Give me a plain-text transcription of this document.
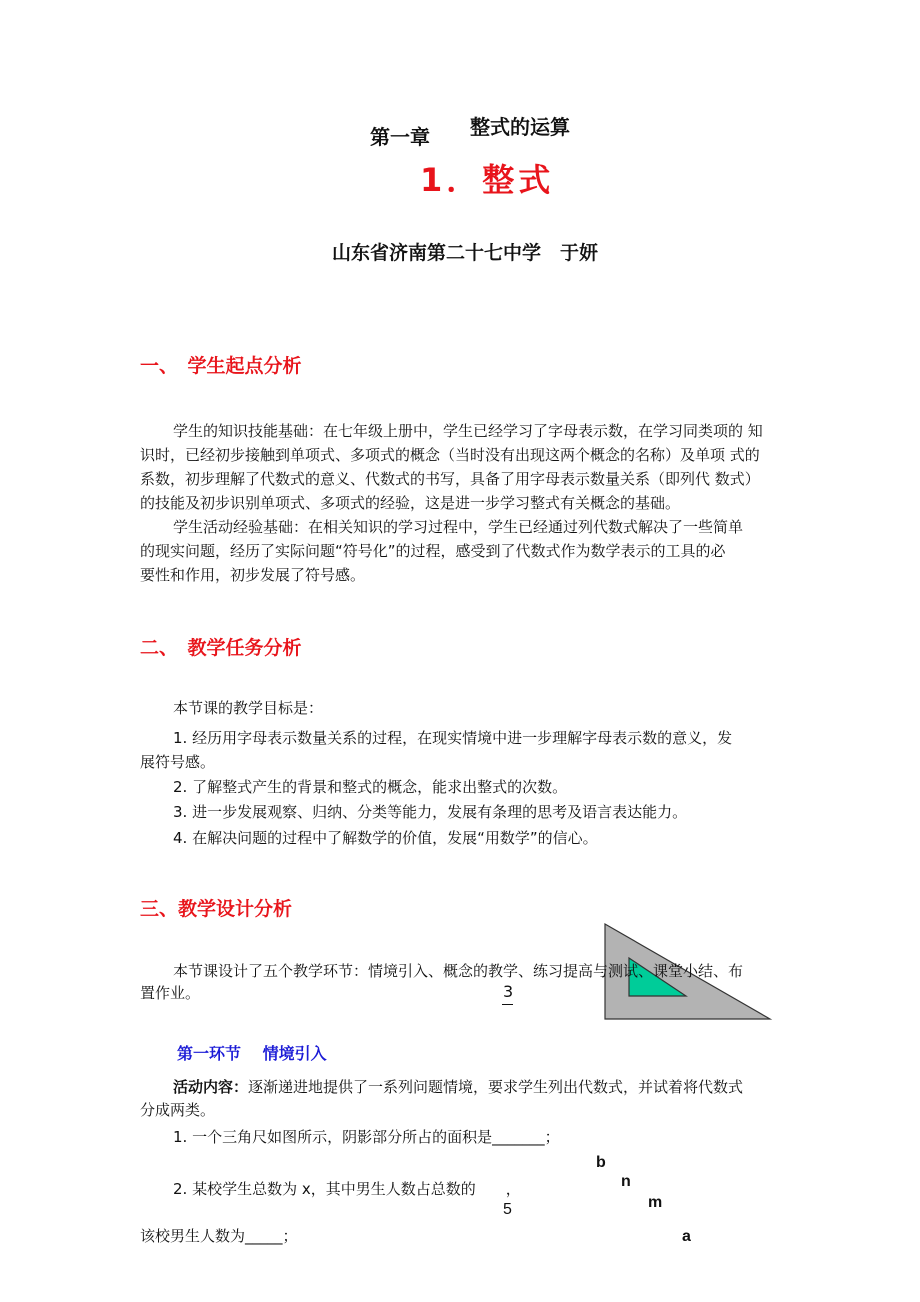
第一章 整式的运算
1．整式
山东省济南第二十七中学　于妍
一、　学生起点分析
学生的知识技能基础：在七年级上册中，学生已经学习了字母表示数，在学习同类项的 知
识时，已经初步接触到单项式、多项式的概念（当时没有出现这两个概念的名称）及单项 式的
系数，初步理解了代数式的意义、代数式的书写，具备了用字母表示数量关系（即列代 数式）
的技能及初步识别单项式、多项式的经验，这是进一步学习整式有关概念的基础。
学生活动经验基础：在相关知识的学习过程中，学生已经通过列代数式解决了一些简单
的现实问题，经历了实际问题“符号化”的过程，感受到了代数式作为数学表示的工具的必
要性和作用，初步发展了符号感。
二、　教学任务分析
本节课的教学目标是：
1. 经历用字母表示数量关系的过程，在现实情境中进一步理解字母表示数的意义，发
展符号感。
2. 了解整式产生的背景和整式的概念，能求出整式的次数。
3. 进一步发展观察、归纳、分类等能力，发展有条理的思考及语言表达能力。
4. 在解决问题的过程中了解数学的价值，发展“用数学”的信心。
三、教学设计分析
本节课设计了五个教学环节：情境引入、概念的教学、练习提高与测试、课堂小结、布
置作业。	3
第一环节　 情境引入
活动内容：逐渐递进地提供了一系列问题情境，要求学生列出代数式，并试着将代数式
分成两类。
1. 一个三角尺如图所示，阴影部分所占的面积是_______；
2. 某校学生总数为 x，其中男生人数占总数的　　，
5
该校男生人数为_____；
b
n
m
a
